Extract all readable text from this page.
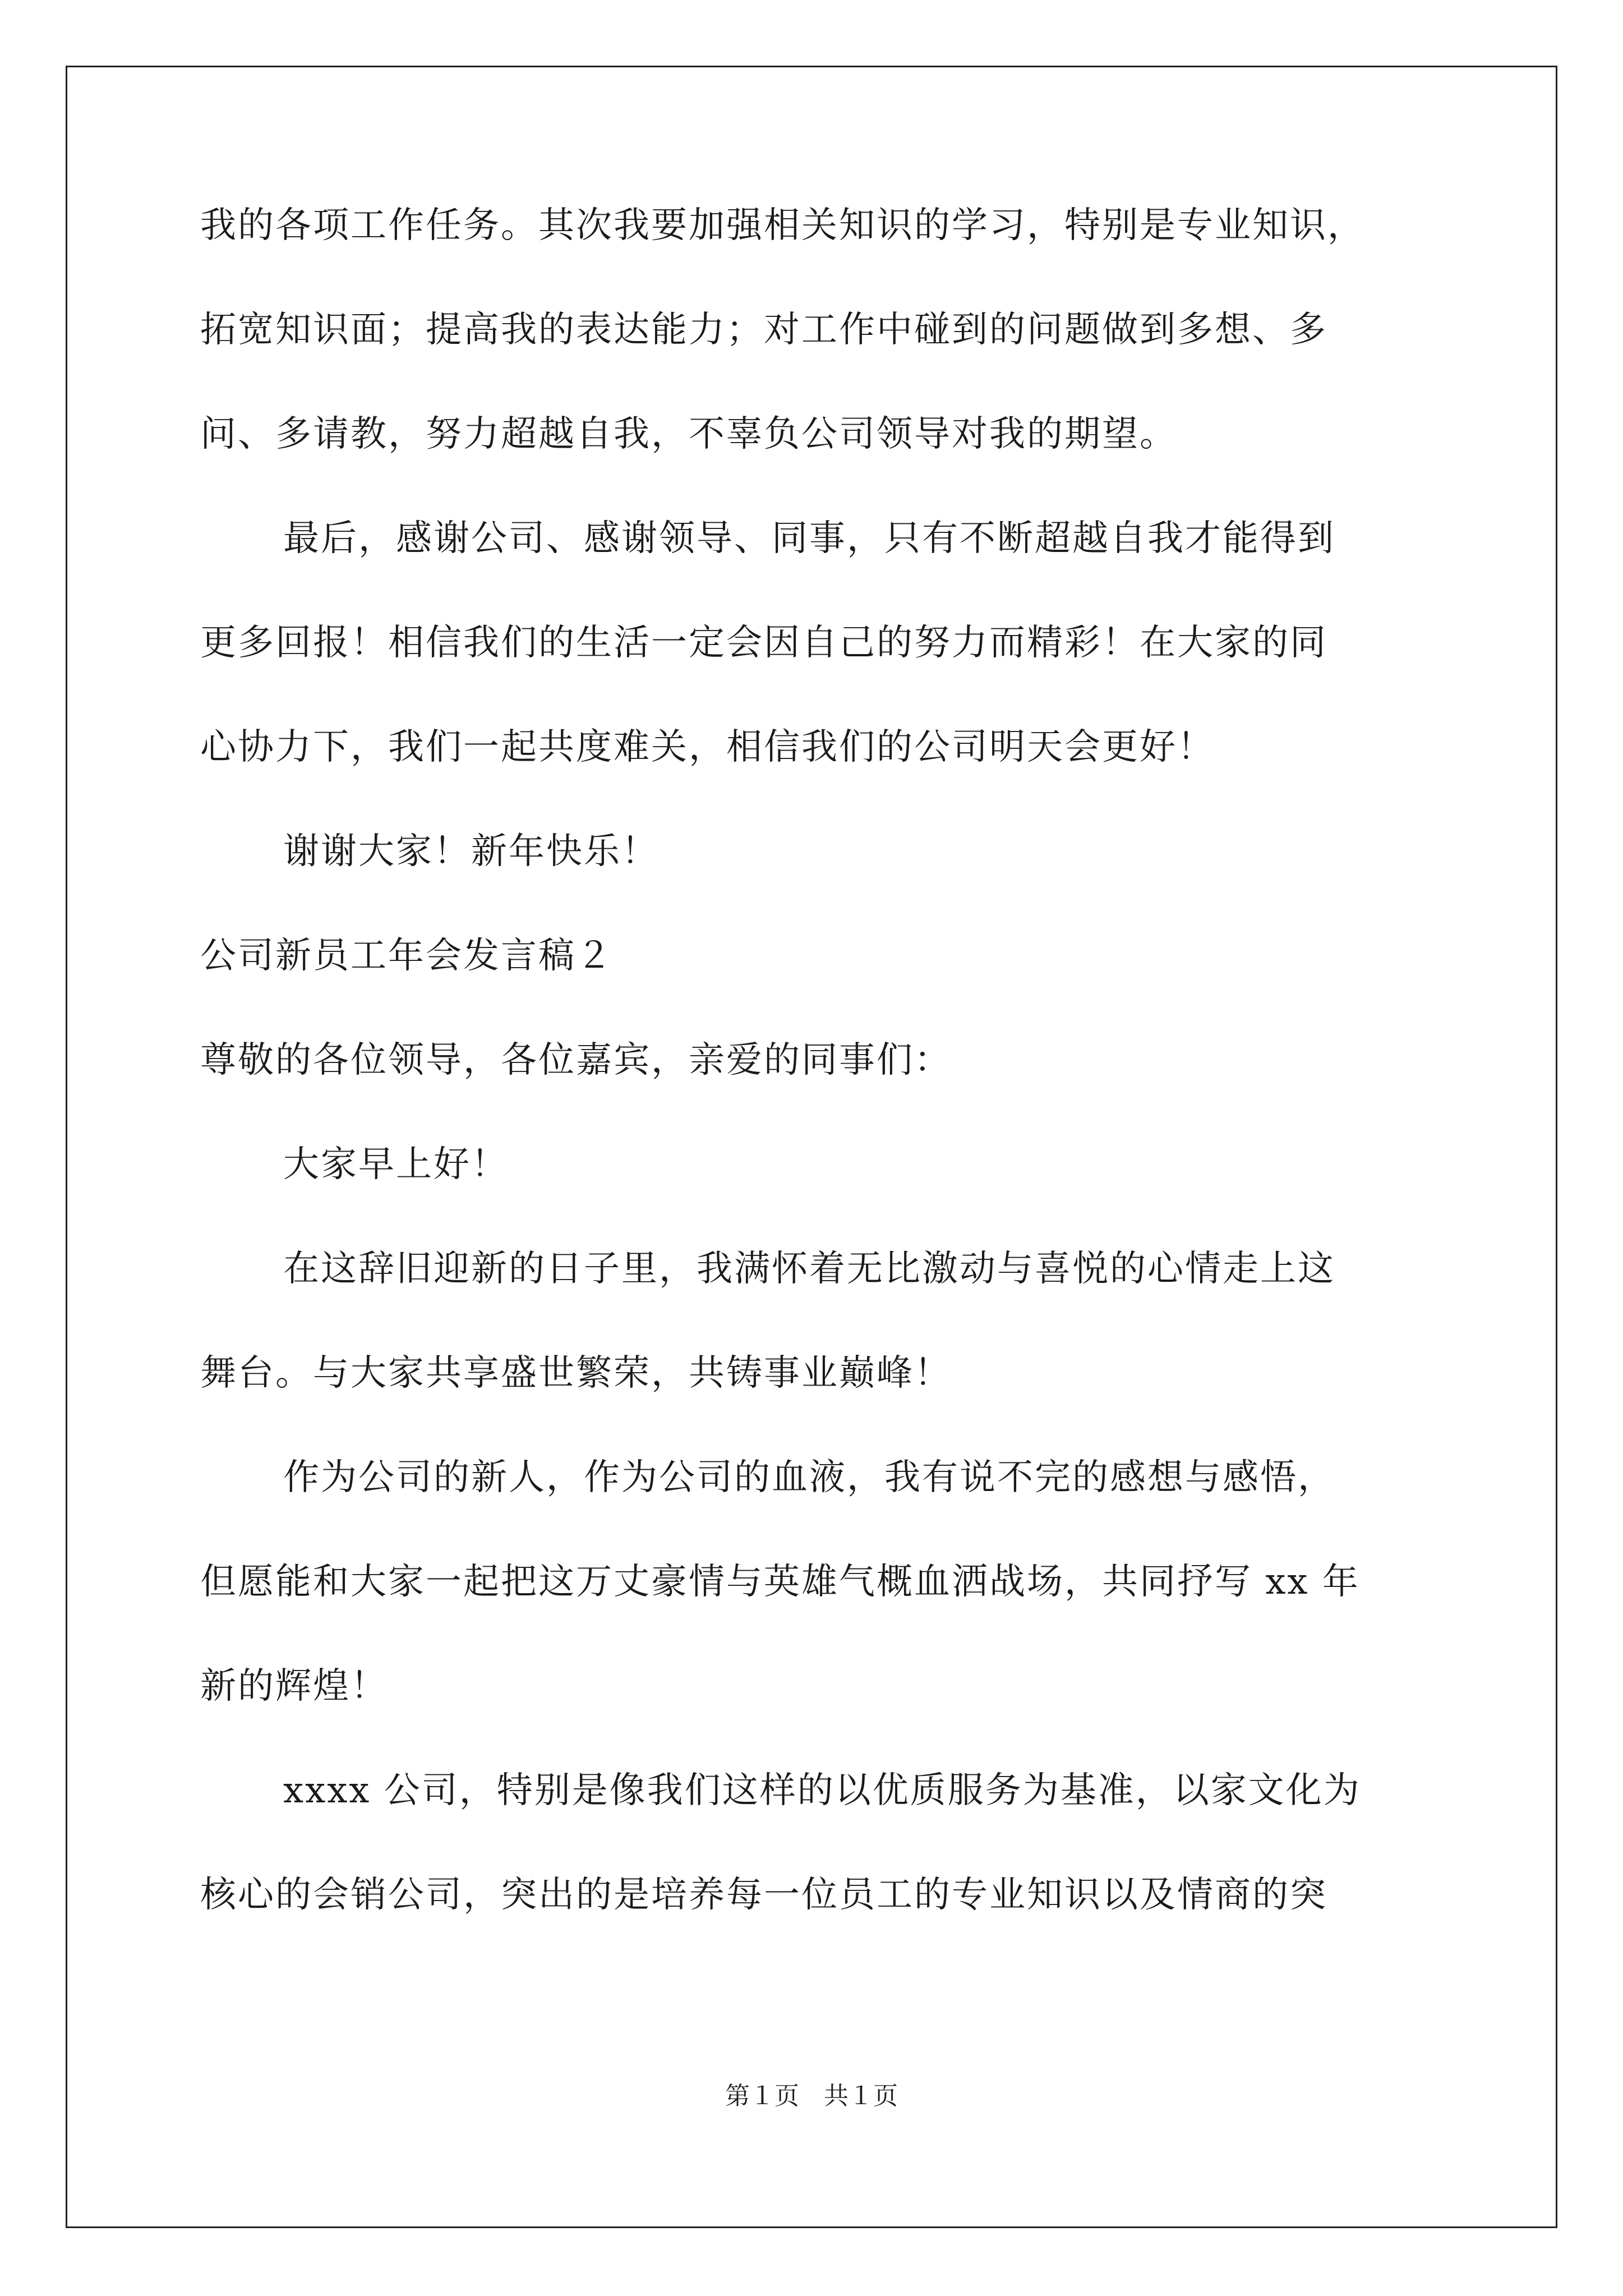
我的各项工作任务。其次我要加强相关知识的学习，特别是专业知识，
拓宽知识面；提高我的表达能力；对工作中碰到的问题做到多想、多
问、多请教，努力超越自我，不辜负公司领导对我的期望。
最后，感谢公司、感谢领导、同事，只有不断超越自我才能得到
更多回报！相信我们的生活一定会因自己的努力而精彩！在大家的同
心协力下，我们一起共度难关，相信我们的公司明天会更好！
谢谢大家！新年快乐！
公司新员工年会发言稿２
尊敬的各位领导，各位嘉宾，亲爱的同事们：
大家早上好！
在这辞旧迎新的日子里，我满怀着无比激动与喜悦的心情走上这
舞台。与大家共享盛世繁荣，共铸事业巅峰！
作为公司的新人，作为公司的血液，我有说不完的感想与感悟，
但愿能和大家一起把这万丈豪情与英雄气概血洒战场，共同抒写 xx 年
新的辉煌！
xxxx 公司，特别是像我们这样的以优质服务为基准，以家文化为
核心的会销公司，突出的是培养每一位员工的专业知识以及情商的突
第１页　共１页
